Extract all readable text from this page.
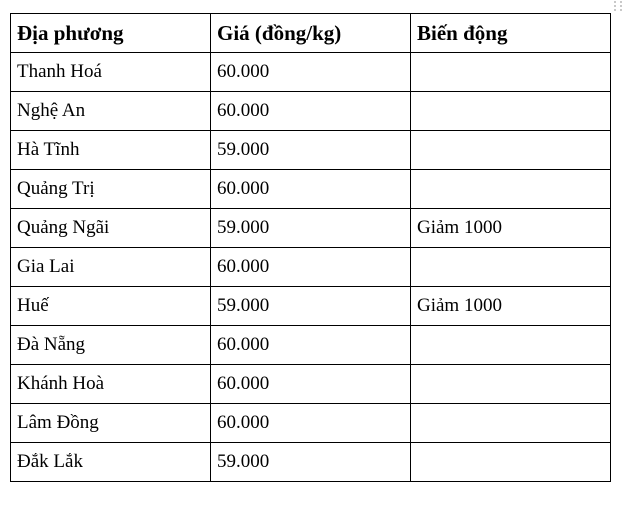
Địa phương	Giá (đồng/kg)	Biến động
Thanh Hoá	60.000	
Nghệ An	60.000	
Hà Tĩnh	59.000	
Quảng Trị	60.000	
Quảng Ngãi	59.000	Giảm 1000
Gia Lai	60.000	
Huế	59.000	Giảm 1000
Đà Nẵng	60.000	
Khánh Hoà	60.000	
Lâm Đồng	60.000	
Đắk Lắk	59.000	
